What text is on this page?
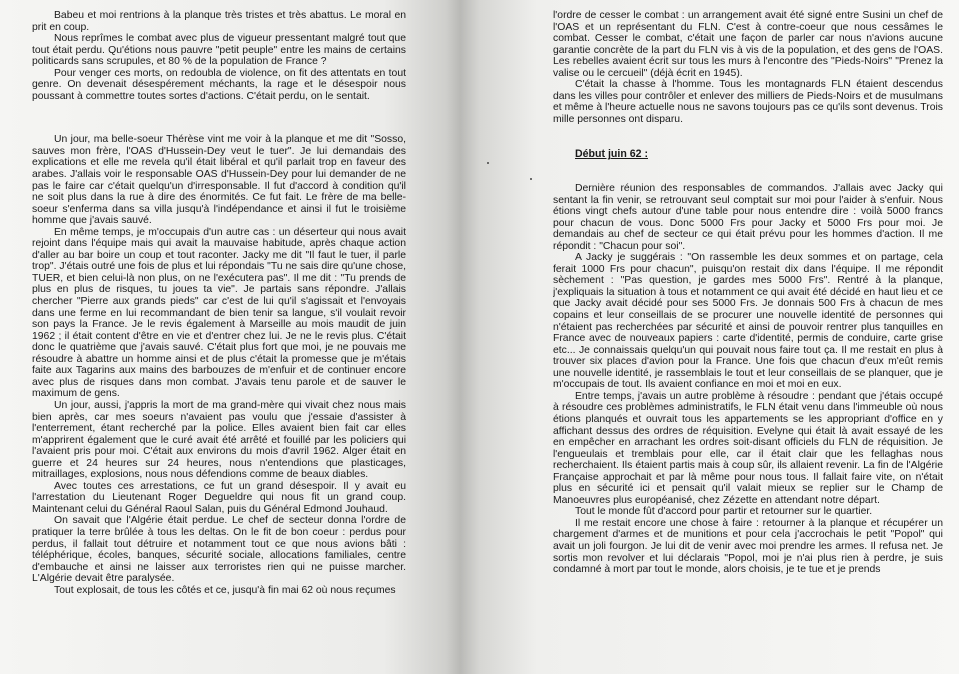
Babeu et moi rentrions à la planque très tristes et très abattus. Le moral en prit en coup.

Nous reprîmes le combat avec plus de vigueur pressentant malgré tout que tout était perdu. Qu'étions nous pauvre "petit peuple" entre les mains de certains politicards sans scrupules, et 80 % de la population de France ?

Pour venger ces morts, on redoubla de violence, on fit des attentats en tout genre. On devenait désespérement méchants, la rage et le désespoir nous poussant à commettre toutes sortes d'actions. C'était perdu, on le sentait.

Un jour, ma belle-soeur Thérèse vint me voir à la planque et me dit "Sosso, sauves mon frère, l'OAS d'Hussein-Dey veut le tuer". Je lui demandais des explications et elle me revela qu'il était libéral et qu'il parlait trop en faveur des arabes. J'allais voir le responsable OAS d'Hussein-Dey pour lui demander de ne pas le faire car c'était quelqu'un d'irresponsable. Il fut d'accord à condition qu'il ne soit plus dans la rue à dire des énormités. Ce fut fait. Le frère de ma belle-soeur s'enferma dans sa villa jusqu'à l'indépendance et ainsi il fut le troisième homme que j'avais sauvé.

En même temps, je m'occupais d'un autre cas : un déserteur qui nous avait rejoint dans l'équipe mais qui avait la mauvaise habitude, après chaque action d'aller au bar boire un coup et tout raconter. Jacky me dit "Il faut le tuer, il parle trop". J'étais outré une fois de plus et lui répondais "Tu ne sais dire qu'une chose, TUER, et bien celui-là non plus, on ne l'exécutera pas". Il me dit : "Tu prends de plus en plus de risques, tu joues ta vie". Je partais sans répondre. J'allais chercher "Pierre aux grands pieds" car c'est de lui qu'il s'agissait et l'envoyais dans une ferme en lui recommandant de bien tenir sa langue, s'il voulait revoir son pays la France. Je le revis également à Marseille au mois maudit de juin 1962 ; il était content d'être en vie et d'entrer chez lui. Je ne le revis plus. C'était donc le quatrième que j'avais sauvé. C'était plus fort que moi, je ne pouvais me résoudre à abattre un homme ainsi et de plus c'était la promesse que je m'étais faite aux Tagarins aux mains des barbouzes de m'enfuir et de continuer encore avec plus de risques dans mon combat. J'avais tenu parole et de sauver le maximum de gens.

Un jour, aussi, j'appris la mort de ma grand-mère qui vivait chez nous mais bien après, car mes soeurs n'avaient pas voulu que j'essaie d'assister à l'enterrement, étant recherché par la police. Elles avaient bien fait car elles m'apprirent également que le curé avait été arrêté et fouillé par les policiers qui l'avaient pris pour moi. C'était aux environs du mois d'avril 1962. Alger était en guerre et 24 heures sur 24 heures, nous n'entendions que plasticages, mitraillages, explosions, nous nous défendions comme de beaux diables.

Avec toutes ces arrestations, ce fut un grand désespoir. Il y avait eu l'arrestation du Lieutenant Roger Degueldre qui nous fit un grand coup. Maintenant celui du Général Raoul Salan, puis du Général Edmond Jouhaud.

On savait que l'Algérie était perdue. Le chef de secteur donna l'ordre de pratiquer la terre brûlée à tous les deltas. On le fit de bon coeur : perdus pour perdus, il fallait tout détruire et notamment tout ce que nous avions bâti : téléphérique, écoles, banques, sécurité sociale, allocations familiales, centre d'embauche et ainsi ne laisser aux terroristes rien qui ne puisse marcher. L'Algérie devait être paralysée.

Tout explosait, de tous les côtés et ce, jusqu'à fin mai 62 où nous reçumes

l'ordre de cesser le combat : un arrangement avait été signé entre Susini un chef de l'OAS et un représentant du FLN. C'est à contre-coeur que nous cessâmes le combat. Cesser le combat, c'était une façon de parler car nous n'avions aucune garantie concrète de la part du FLN vis à vis de la population, et des gens de l'OAS. Les rebelles avaient écrit sur tous les murs à l'encontre des "Pieds-Noirs" "Prenez la valise ou le cercueil" (déjà écrit en 1945).

C'était la chasse à l'homme. Tous les montagnards FLN étaient descendus dans les villes pour contrôler et enlever des milliers de Pieds-Noirs et de musulmans et même à l'heure actuelle nous ne savons toujours pas ce qu'ils sont devenus. Trois mille personnes ont disparu.

Début juin 62 :

Dernière réunion des responsables de commandos. J'allais avec Jacky qui sentant la fin venir, se retrouvant seul comptait sur moi pour l'aider à s'enfuir. Nous étions vingt chefs autour d'une table pour nous entendre dire : voilà 5000 francs pour chacun de vous. Donc 5000 Frs pour Jacky et 5000 Frs pour moi. Je demandais au chef de secteur ce qui était prévu pour les hommes d'action. Il me répondit : "Chacun pour soi".

A Jacky je suggérais : "On rassemble les deux sommes et on partage, cela ferait 1000 Frs pour chacun", puisqu'on restait dix dans l'équipe. Il me répondit sèchement : "Pas question, je gardes mes 5000 Frs". Rentré à la planque, j'expliquais la situation à tous et notamment ce qui avait été décidé en haut lieu et ce que Jacky avait décidé pour ses 5000 Frs. Je donnais 500 Frs à chacun de mes copains et leur conseillais de se procurer une nouvelle identité de personnes qui n'étaient pas recherchées par sécurité et ainsi de pouvoir rentrer plus tanquilles en France avec de nouveaux papiers : carte d'identité, permis de conduire, carte grise etc... Je connaissais quelqu'un qui pouvait nous faire tout ça. Il me restait en plus à trouver six places d'avion pour la France. Une fois que chacun d'eux m'eût remis une nouvelle identité, je rassemblais le tout et leur conseillais de se planquer, que je m'occupais de tout. Ils avaient confiance en moi et moi en eux.

Entre temps, j'avais un autre problème à résoudre : pendant que j'étais occupé à résoudre ces problèmes administratifs, le FLN était venu dans l'immeuble où nous étions planqués et ouvrait tous les appartements se les appropriant d'office en y affichant dessus des ordres de réquisition. Evelyne qui était là avait essayé de les en empêcher en arrachant les ordres soit-disant officiels du FLN de réquisition. Je l'engueulais et tremblais pour elle, car il était clair que les fellaghas nous recherchaient. Ils étaient partis mais à coup sûr, ils allaient revenir. La fin de l'Algérie Française approchait et par là même pour nous tous. Il fallait faire vite, on n'était plus en sécurité ici et pensait qu'il valait mieux se replier sur le Champ de Manoeuvres plus européanisé, chez Zézette en attendant notre départ.

Tout le monde fût d'accord pour partir et retourner sur le quartier.

Il me restait encore une chose à faire : retourner à la planque et récupérer un chargement d'armes et de munitions et pour cela j'accrochais le petit "Popol" qui avait un joli fourgon. Je lui dit de venir avec moi prendre les armes. Il refusa net. Je sortis mon revolver et lui déclarais "Popol, moi je n'ai plus rien à perdre, je suis condamné à mort par tout le monde, alors choisis, je te tue et je prends
